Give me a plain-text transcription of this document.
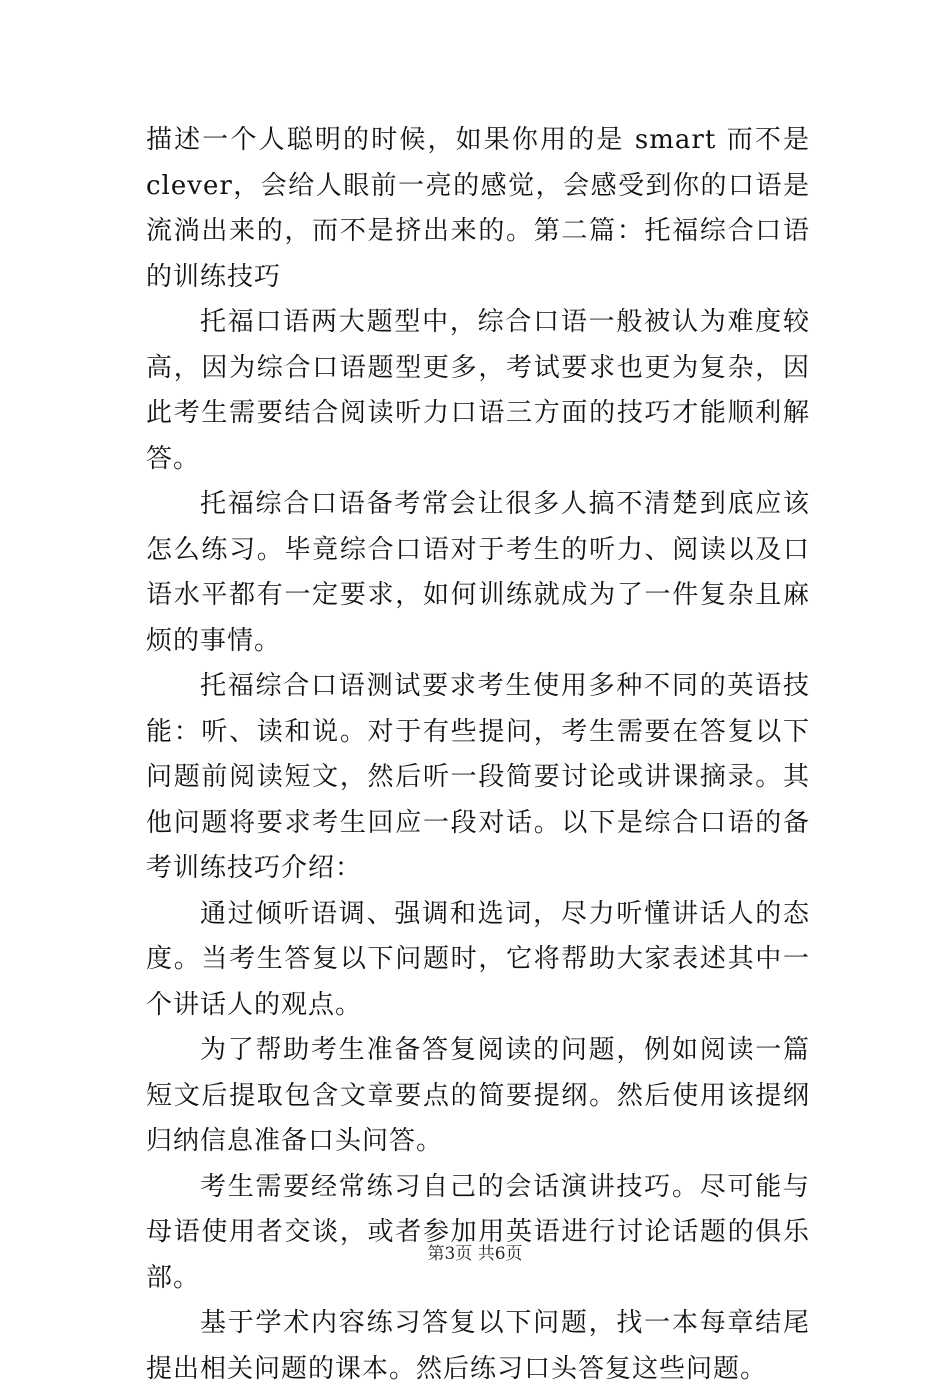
描述一个人聪明的时候，如果你用的是 smart 而不是 clever，会给人眼前一亮的感觉，会感受到你的口语是流淌出来的，而不是挤出来的。第二篇：托福综合口语的训练技巧

托福口语两大题型中，综合口语一般被认为难度较高，因为综合口语题型更多，考试要求也更为复杂，因此考生需要结合阅读听力口语三方面的技巧才能顺利解答。

托福综合口语备考常会让很多人搞不清楚到底应该怎么练习。毕竟综合口语对于考生的听力、阅读以及口语水平都有一定要求，如何训练就成为了一件复杂且麻烦的事情。

托福综合口语测试要求考生使用多种不同的英语技能：听、读和说。对于有些提问，考生需要在答复以下问题前阅读短文，然后听一段简要讨论或讲课摘录。其他问题将要求考生回应一段对话。以下是综合口语的备考训练技巧介绍：

通过倾听语调、强调和选词，尽力听懂讲话人的态度。当考生答复以下问题时，它将帮助大家表述其中一个讲话人的观点。

为了帮助考生准备答复阅读的问题，例如阅读一篇短文后提取包含文章要点的简要提纲。然后使用该提纲归纳信息准备口头问答。

考生需要经常练习自己的会话演讲技巧。尽可能与母语使用者交谈，或者参加用英语进行讨论话题的俱乐部。

基于学术内容练习答复以下问题，找一本每章结尾提出相关问题的课本。然后练习口头答复这些问题。

第3页 共6页
